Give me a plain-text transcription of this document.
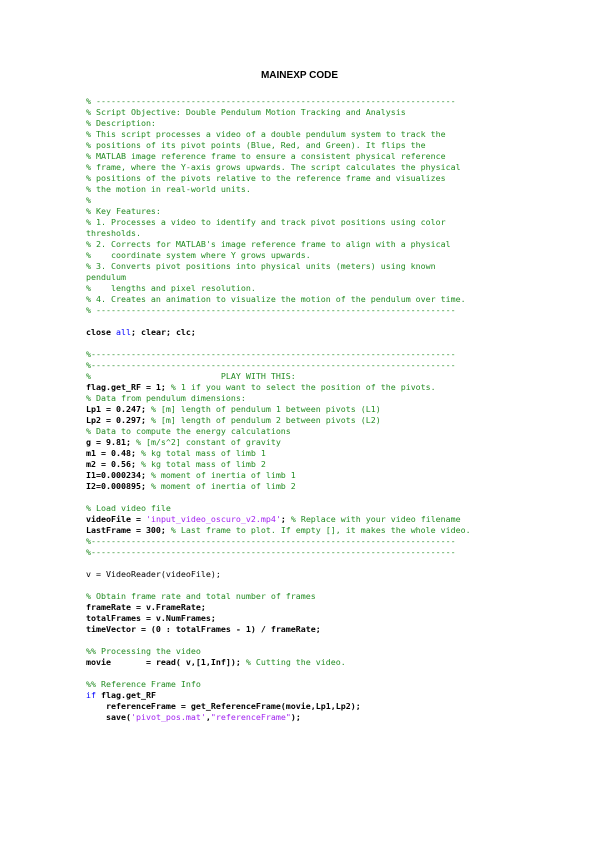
MAINEXP CODE
% ------------------------------------------------------------------------
% Script Objective: Double Pendulum Motion Tracking and Analysis
% Description:
% This script processes a video of a double pendulum system to track the
% positions of its pivot points (Blue, Red, and Green). It flips the
% MATLAB image reference frame to ensure a consistent physical reference
% frame, where the Y-axis grows upwards. The script calculates the physical
% positions of the pivots relative to the reference frame and visualizes
% the motion in real-world units.
%
% Key Features:
% 1. Processes a video to identify and track pivot positions using color
thresholds.
% 2. Corrects for MATLAB's image reference frame to align with a physical
%    coordinate system where Y grows upwards.
% 3. Converts pivot positions into physical units (meters) using known
pendulum
%    lengths and pixel resolution.
% 4. Creates an animation to visualize the motion of the pendulum over time.
% ------------------------------------------------------------------------
close all; clear; clc;
%-------------------------------------------------------------------------
%-------------------------------------------------------------------------
%                          PLAY WITH THIS:
flag.get_RF = 1; % 1 if you want to select the position of the pivots.
% Data from pendulum dimensions:
Lp1 = 0.247; % [m] length of pendulum 1 between pivots (L1)
Lp2 = 0.297; % [m] length of pendulum 2 between pivots (L2)
% Data to compute the energy calculations
g = 9.81; % [m/s^2] constant of gravity
m1 = 0.48; % kg total mass of limb 1
m2 = 0.56; % kg total mass of limb 2
I1=0.000234; % moment of inertia of limb 1
I2=0.000895; % moment of inertia of limb 2
% Load video file
videoFile = 'input_video_oscuro_v2.mp4'; % Replace with your video filename
LastFrame = 300; % Last frame to plot. If empty [], it makes the whole video.
%-------------------------------------------------------------------------
%-------------------------------------------------------------------------
v = VideoReader(videoFile);
% Obtain frame rate and total number of frames
frameRate = v.FrameRate;
totalFrames = v.NumFrames;
timeVector = (0 : totalFrames - 1) / frameRate;
%% Processing the video
movie       = read( v,[1,Inf]); % Cutting the video.
%% Reference Frame Info
if flag.get_RF
referenceFrame = get_ReferenceFrame(movie,Lp1,Lp2);
save('pivot_pos.mat',"referenceFrame");
